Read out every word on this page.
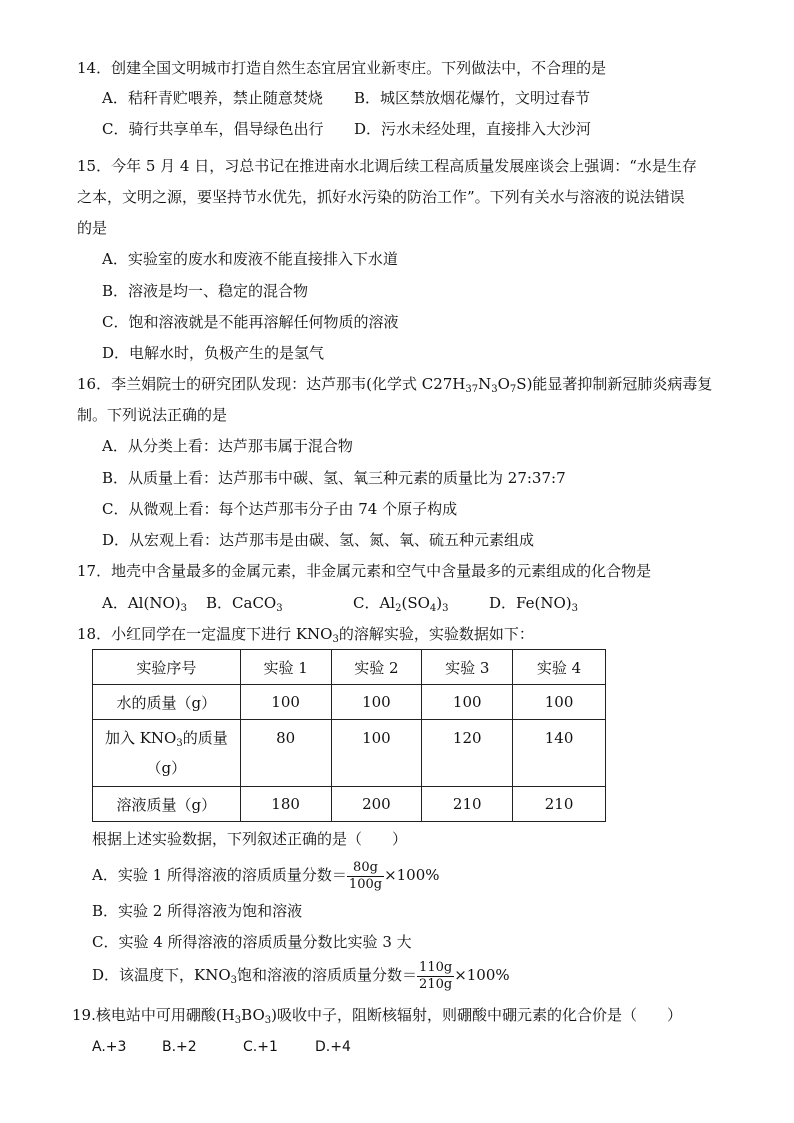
14．创建全国文明城市打造自然生态宜居宜业新枣庄。下列做法中，不合理的是
A．秸秆青贮喂养，禁止随意焚烧 B．城区禁放烟花爆竹，文明过春节
C．骑行共享单车，倡导绿色出行 D．污水未经处理，直接排入大沙河
15．今年 5 月 4 日，习总书记在推进南水北调后续工程高质量发展座谈会上强调：“水是生存
之本，文明之源，要坚持节水优先，抓好水污染的防治工作”。下列有关水与溶液的说法错误
的是
A．实验室的废水和废液不能直接排入下水道
B．溶液是均一、稳定的混合物
C．饱和溶液就是不能再溶解任何物质的溶液
D．电解水时，负极产生的是氢气
16．李兰娟院士的研究团队发现：达芦那韦(化学式 $C27H_{37}N_3O_7S$)能显著抑制新冠肺炎病毒复
制。下列说法正确的是
A．从分类上看：达芦那韦属于混合物
B．从质量上看：达芦那韦中碳、氢、氧三种元素的质量比为 27:37:7
C．从微观上看：每个达芦那韦分子由 74 个原子构成
D．从宏观上看：达芦那韦是由碳、氢、氮、氧、硫五种元素组成
17．地壳中含量最多的金属元素，非金属元素和空气中含量最多的元素组成的化合物是
A．$Al(NO)_3$ B．CaCO$_3$	C．$Al_2(SO_4)_3$	D．$Fe(NO)_3$
18．小红同学在一定温度下进行 $KNO_3$的溶解实验，实验数据如下：
实验序号	实验 1	实验 2	实验 3	实验 4
水的质量（g）	100	100	100	100
加入 $KNO_3$的质量
（g）	80	100	120	140
溶液质量（g）	180	200	210	210
根据上述实验数据，下列叙述正确的是（　　）
A．实验 1 所得溶液的溶质质量分数＝ $\frac{80g}{100g} \times 100\%$
B．实验 2 所得溶液为饱和溶液
C．实验 4 所得溶液的溶质质量分数比实验 3 大
D．该温度下，$KNO_3$饱和溶液的溶质质量分数＝ $\frac{110g}{210g} \times 100\%$
19.核电站中可用硼酸$(H_3BO_3)$吸收中子，阻断核辐射，则硼酸中硼元素的化合价是（　　）
A.+3	B.+2	C.+1	D.+4
